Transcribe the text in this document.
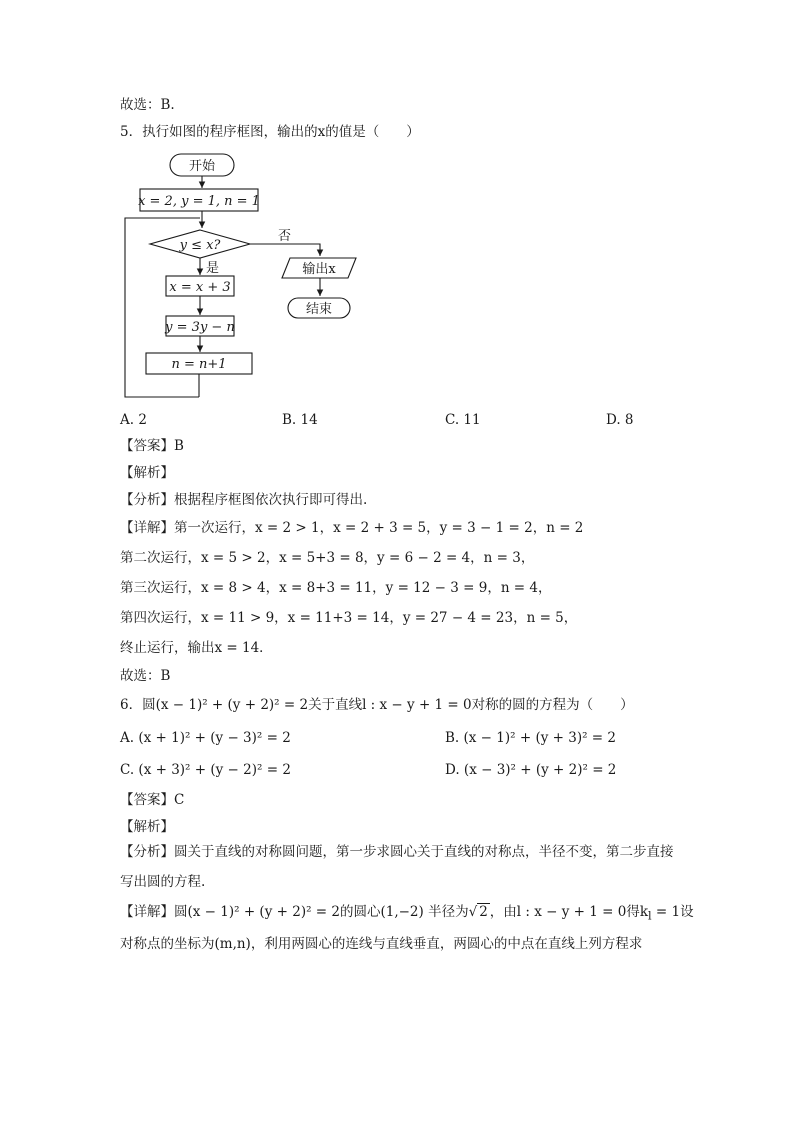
故选：B.
5．执行如图的程序框图，输出的x的值是（　　）
开始
x = 2, y = 1, n = 1
y ≤ x?
否
输出x
结束
是
x = x + 3
y = 3y − n
n = n+1
A. 2	B. 14	C. 11	D. 8
【答案】B
【解析】
【分析】根据程序框图依次执行即可得出.
【详解】第一次运行，x = 2 > 1，x = 2 + 3 = 5，y = 3 − 1 = 2，n = 2
第二次运行，x = 5 > 2，x = 5+3 = 8，y = 6 − 2 = 4，n = 3，
第三次运行，x = 8 > 4，x = 8+3 = 11，y = 12 − 3 = 9，n = 4，
第四次运行，x = 11 > 9，x = 11+3 = 14，y = 27 − 4 = 23，n = 5，
终止运行，输出x = 14．
故选：B
6．圆(x − 1)² + (y + 2)² = 2关于直线l : x − y + 1 = 0对称的圆的方程为（　　）
A. (x + 1)² + (y − 3)² = 2	B. (x − 1)² + (y + 3)² = 2
C. (x + 3)² + (y − 2)² = 2	D. (x − 3)² + (y + 2)² = 2
【答案】C
【解析】
【分析】圆关于直线的对称圆问题，第一步求圆心关于直线的对称点，半径不变，第二步直接写出圆的方程.
【详解】圆(x − 1)² + (y + 2)² = 2的圆心(1,−2) 半径为√ 2 ，由l : x − y + 1 = 0得$k_l = 1$设
对称点的坐标为(m,n)，利用两圆心的连线与直线垂直，两圆心的中点在直线上列方程求
